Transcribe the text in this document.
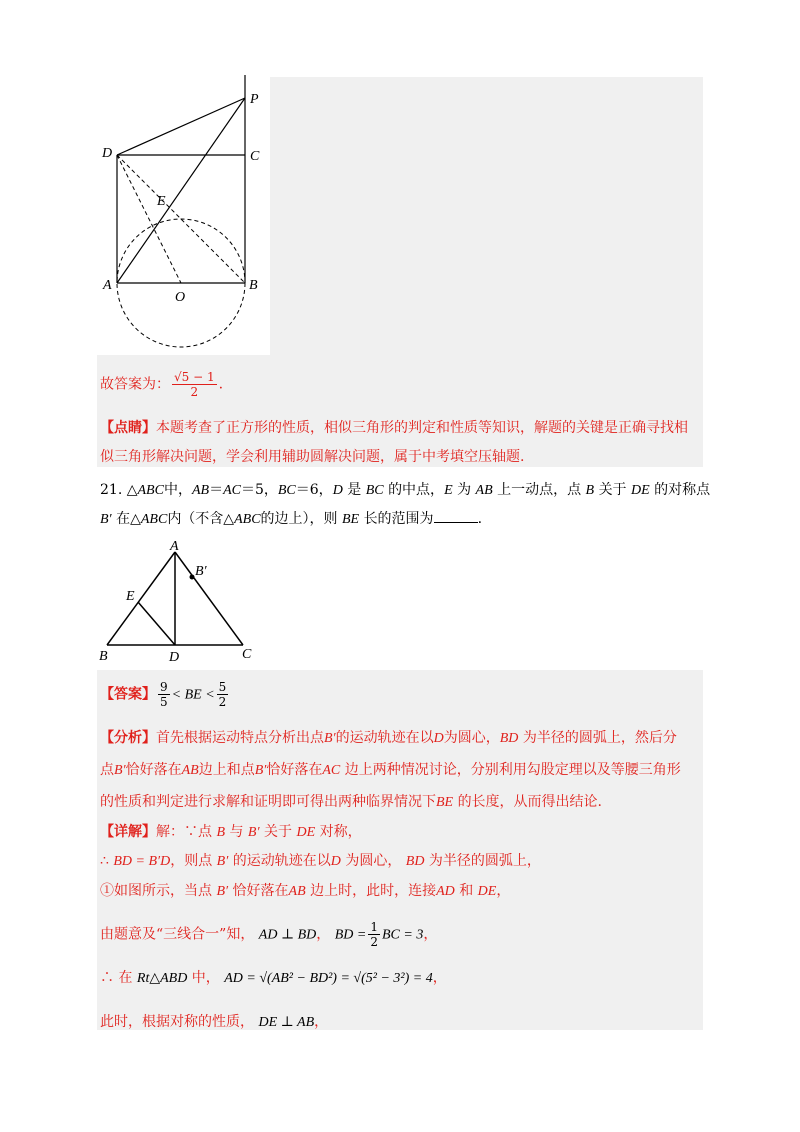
P
D	C
E
A
O
B
故答案为： $\frac{√5 - 1}{2}$ .
【点睛】本题考查了正方形的性质，相似三角形的判定和性质等知识，解题的关键是正确寻找相
似三角形解决问题，学会利用辅助圆解决问题，属于中考填空压轴题.
21. △ABC中，AB＝AC＝5，BC＝6，D 是 BC 的中点，E 为 AB 上一动点，点 B 关于 DE 的对称点
B′ 在△ABC内（不含△ABC的边上），则 BE 长的范围为	.
A
B′
E
B	D	C
【答案】 $\frac{9}{5}$ < BE < $\frac{5}{2}$
【分析】首先根据运动特点分析出点B′的运动轨迹在以D为圆心，BD 为半径的圆弧上，然后分
点B′恰好落在AB边上和点B′恰好落在AC 边上两种情况讨论，分别利用勾股定理以及等腰三角形
的性质和判定进行求解和证明即可得出两种临界情况下BE 的长度，从而得出结论.
【详解】解：∵点 B 与 B′ 关于 DE 对称，
∴ BD = B′D，则点 B′ 的运动轨迹在以D 为圆心， BD 为半径的圆弧上，
①如图所示，当点 B′ 恰好落在AB 边上时，此时，连接AD 和 DE，
由题意及“三线合一”知， AD ⊥ BD， BD = $\frac{1}{2}$ BC = 3，
∴ 在 Rt△ABD 中， AD = √(AB² − BD²) = √(5² − 3²) = 4，
此时，根据对称的性质， DE ⊥ AB，
